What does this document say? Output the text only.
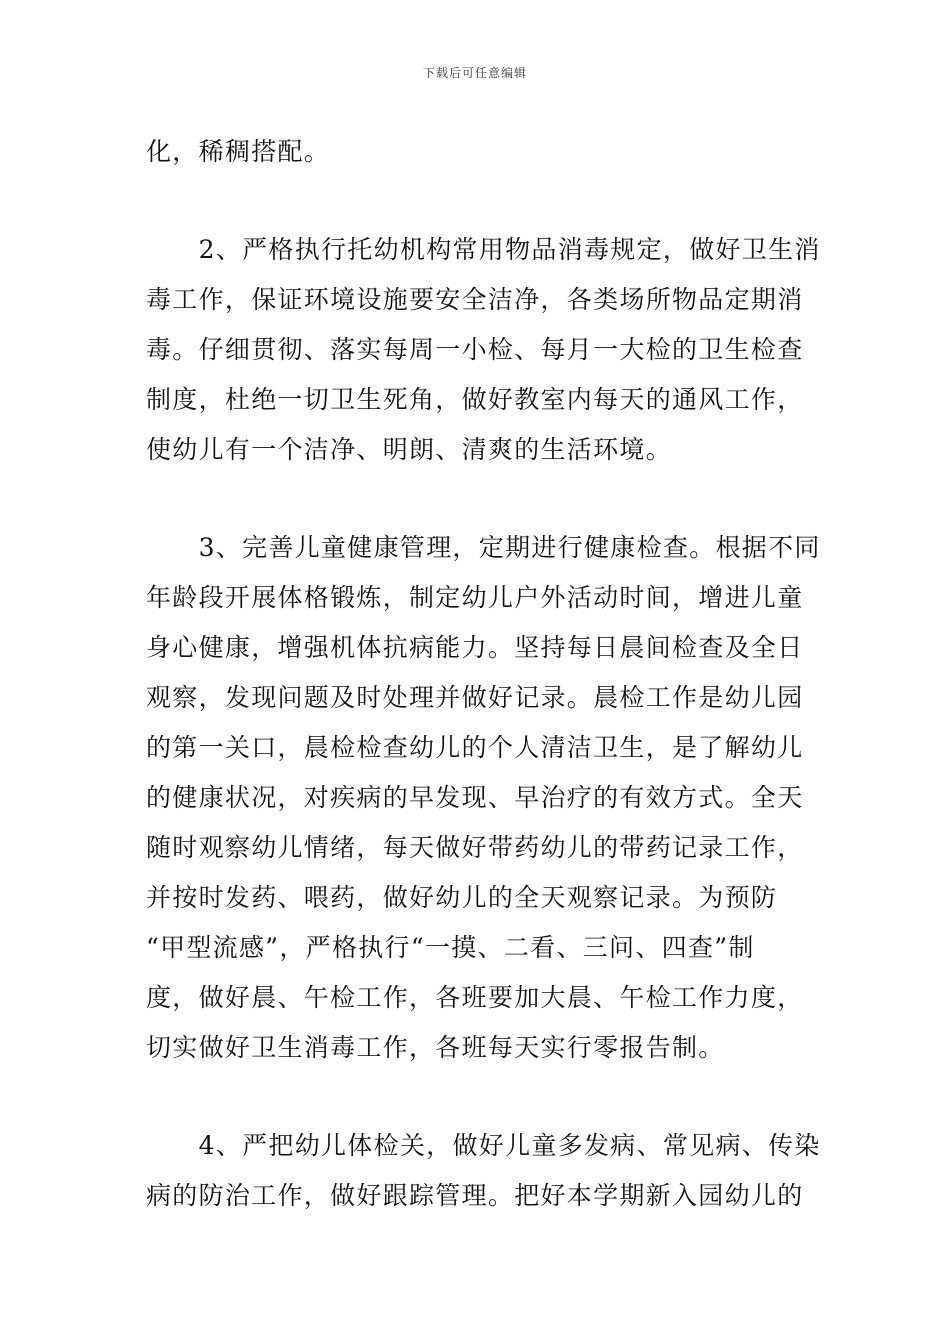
下载后可任意编辑
化，稀稠搭配。
　　2、严格执行托幼机构常用物品消毒规定，做好卫生消
毒工作，保证环境设施要安全洁净，各类场所物品定期消
毒。仔细贯彻、落实每周一小检、每月一大检的卫生检查
制度，杜绝一切卫生死角，做好教室内每天的通风工作，
使幼儿有一个洁净、明朗、清爽的生活环境。
　　3、完善儿童健康管理，定期进行健康检查。根据不同
年龄段开展体格锻炼，制定幼儿户外活动时间，增进儿童
身心健康，增强机体抗病能力。坚持每日晨间检查及全日
观察，发现问题及时处理并做好记录。晨检工作是幼儿园
的第一关口，晨检检查幼儿的个人清洁卫生，是了解幼儿
的健康状况，对疾病的早发现、早治疗的有效方式。全天
随时观察幼儿情绪，每天做好带药幼儿的带药记录工作，
并按时发药、喂药，做好幼儿的全天观察记录。为预防
“甲型流感”，严格执行“一摸、二看、三问、四查”制
度，做好晨、午检工作，各班要加大晨、午检工作力度，
切实做好卫生消毒工作，各班每天实行零报告制。
　　4、严把幼儿体检关，做好儿童多发病、常见病、传染
病的防治工作，做好跟踪管理。把好本学期新入园幼儿的
